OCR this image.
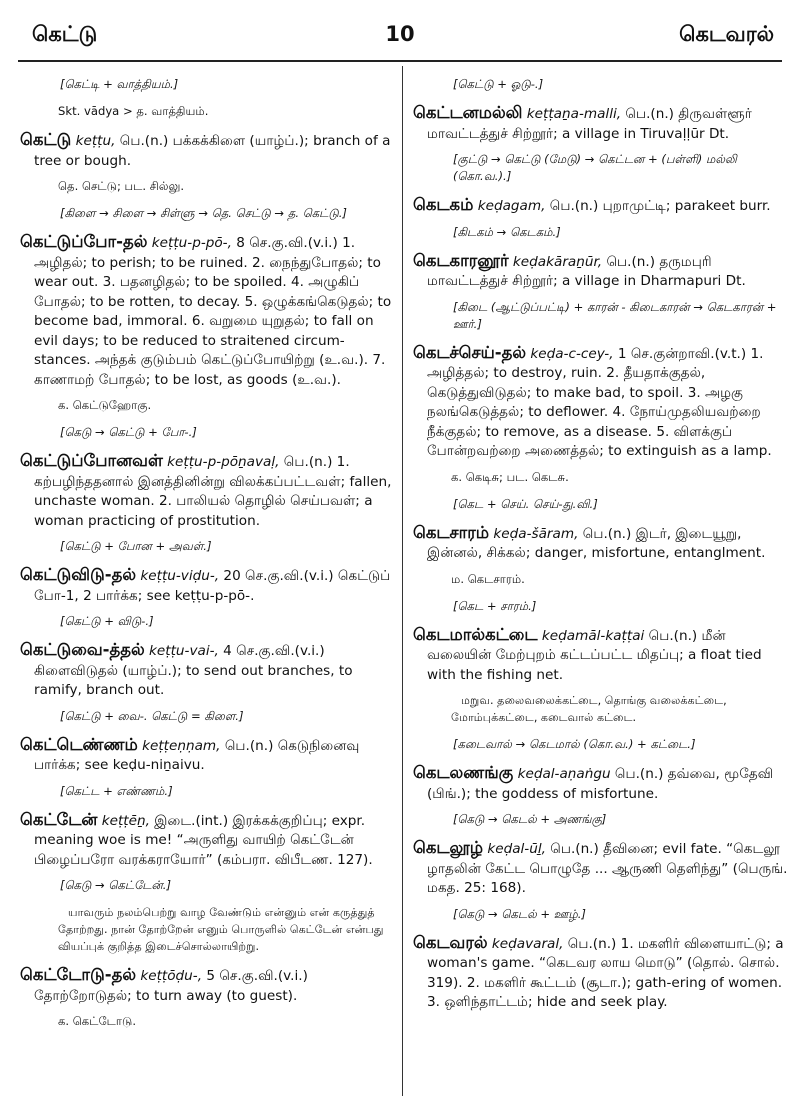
கெட்டு	10	கெடவரல்
[கெட்டி + வாத்தியம்.]
Skt. vādya > த. வாத்தியம்.
கெட்டு keṭṭu, பெ.(n.) பக்கக்கிளை (யாழ்ப்.); branch of a tree or bough.
தெ. செட்டு; பட. சில்லு.
[கிளை → சிளை → சிள்ளு → தெ. செட்டு → த. கெட்டு.]
கெட்டுப்போ-தல் keṭṭu-p-pō-, 8 செ.கு.வி.(v.i.) 1. அழிதல்; to perish; to be ruined. 2. நைந்துபோதல்; to wear out. 3. பதனழிதல்; to be spoiled. 4. அழுகிப் போதல்; to be rotten, to decay. 5. ஒழுக்கங்கெடுதல்; to become bad, immoral. 6. வறுமை யுறுதல்; to fall on evil days; to be reduced to straitened circum-stances. அந்தக் குடும்பம் கெட்டுப்போயிற்று (உ.வ.). 7. காணாமற் போதல்; to be lost, as goods (உ.வ.).
க. கெட்டுஹோகு.
[கெடு → கெட்டு + போ-.]
கெட்டுப்போனவள் keṭṭu-p-pōṉavaḷ, பெ.(n.) 1. கற்பழிந்ததனால் இனத்தினின்று விலக்கப்பட்டவள்; fallen, unchaste woman. 2. பாலியல் தொழில் செய்பவள்; a woman practicing of prostitution.
[கெட்டு + போன + அவள்.]
கெட்டுவிடு-தல் keṭṭu-viḍu-, 20 செ.கு.வி.(v.i.) கெட்டுப் போ-1, 2 பார்க்க; see keṭṭu-p-pō-.
[கெட்டு + விடு-.]
கெட்டுவை-த்தல் keṭṭu-vai-, 4 செ.கு.வி.(v.i.) கிளைவிடுதல் (யாழ்ப்.); to send out branches, to ramify, branch out.
[கெட்டு + வை-. கெட்டு = கிளை.]
கெட்டெண்ணம் keṭṭeṇṇam, பெ.(n.) கெடுநினைவு பார்க்க; see keḍu-niṉaivu.
[கெட்ட + எண்ணம்.]
கெட்டேன் keṭṭēṉ, இடை.(int.) இரக்கக்குறிப்பு; expr. meaning woe is me! “அருளிது வாயிற் கெட்டேன் பிழைப்பரோ வரக்கராயோர்” (கம்பரா. விபீடண. 127).
[கெடு → கெட்டேன்.]
யாவரும் நலம்பெற்று வாழ வேண்டும் என்னும் என் கருத்துத் தோற்றது. நான் தோற்றேன் எனும் பொருளில் கெட்டேன் என்பது வியப்புக் குறித்த இடைச்சொல்லாயிற்று.
கெட்டோடு-தல் keṭṭōḍu-, 5 செ.கு.வி.(v.i.) தோற்றோடுதல்; to turn away (to guest).
க. கெட்டோடு.
[கெட்டு + ஓடு-.]
கெட்டனமல்லி keṭṭaṉa-malli, பெ.(n.) திருவள்ளூர் மாவட்டத்துச் சிற்றூர்; a village in Tiruvaḷḷūr Dt.
[குட்டு → கெட்டு (மேடு) → கெட்டன + (பள்ளி) மல்லி (கொ.வ.).]
கெடகம் keḍagam, பெ.(n.) புறாமுட்டி; parakeet burr.
[கிடகம் → கெடகம்.]
கெடகாரனூர் keḍakāraṉūr, பெ.(n.) தருமபுரி மாவட்டத்துச் சிற்றூர்; a village in Dharmapuri Dt.
[கிடை (ஆட்டுப்பட்டி) + காரன் - கிடைகாரன் → கெடகாரன் + ஊர்.]
கெடச்செய்-தல் keḍa-c-cey-, 1 செ.குன்றாவி.(v.t.) 1. அழித்தல்; to destroy, ruin. 2. தீயதாக்குதல், கெடுத்துவிடுதல்; to make bad, to spoil. 3. அழகு நலங்கெடுத்தல்; to deflower. 4. நோய்முதலியவற்றை நீக்குதல்; to remove, as a disease. 5. விளக்குப் போன்றவற்றை அணைத்தல்; to extinguish as a lamp.
க. கெடிசு; பட. கெடசு.
[கெட + செய். செய்-து.வி.]
கெடசாரம் keḍa-šāram, பெ.(n.) இடர், இடையூறு, இன்னல், சிக்கல்; danger, misfortune, entanglment.
ம. கெடசாரம்.
[கெட + சாரம்.]
கெடமால்கட்டை keḍamāl-kaṭṭai பெ.(n.) மீன் வலையின் மேற்புறம் கட்டப்பட்ட மிதப்பு; a float tied with the fishing net.
மறுவ. தலைவலைக்கட்டை, தொங்கு வலைக்கட்டை, மோம்புக்கட்டை, கடைவால் கட்டை.
[கடைவால் → கெடமால் (கொ.வ.) + கட்டை.]
கெடலணங்கு keḍal-aṇaṅgu பெ.(n.) தவ்வை, மூதேவி (பிங்.); the goddess of misfortune.
[கெடு → கெடல் + அணங்கு]
கெடலூழ் keḍal-ūḻ, பெ.(n.) தீவினை; evil fate. “கெடலூ ழாதலின் கேட்ட பொழுதே ... ஆருணி தெளிந்து” (பெருங். மகத. 25: 168).
[கெடு → கெடல் + ஊழ்.]
கெடவரல் keḍavaral, பெ.(n.) 1. மகளிர் விளையாட்டு; a woman's game. “கெடவர லாய மொடு” (தொல். சொல். 319). 2. மகளிர் கூட்டம் (சூடா.); gath-ering of women. 3. ஒளிந்தாட்டம்; hide and seek play.
